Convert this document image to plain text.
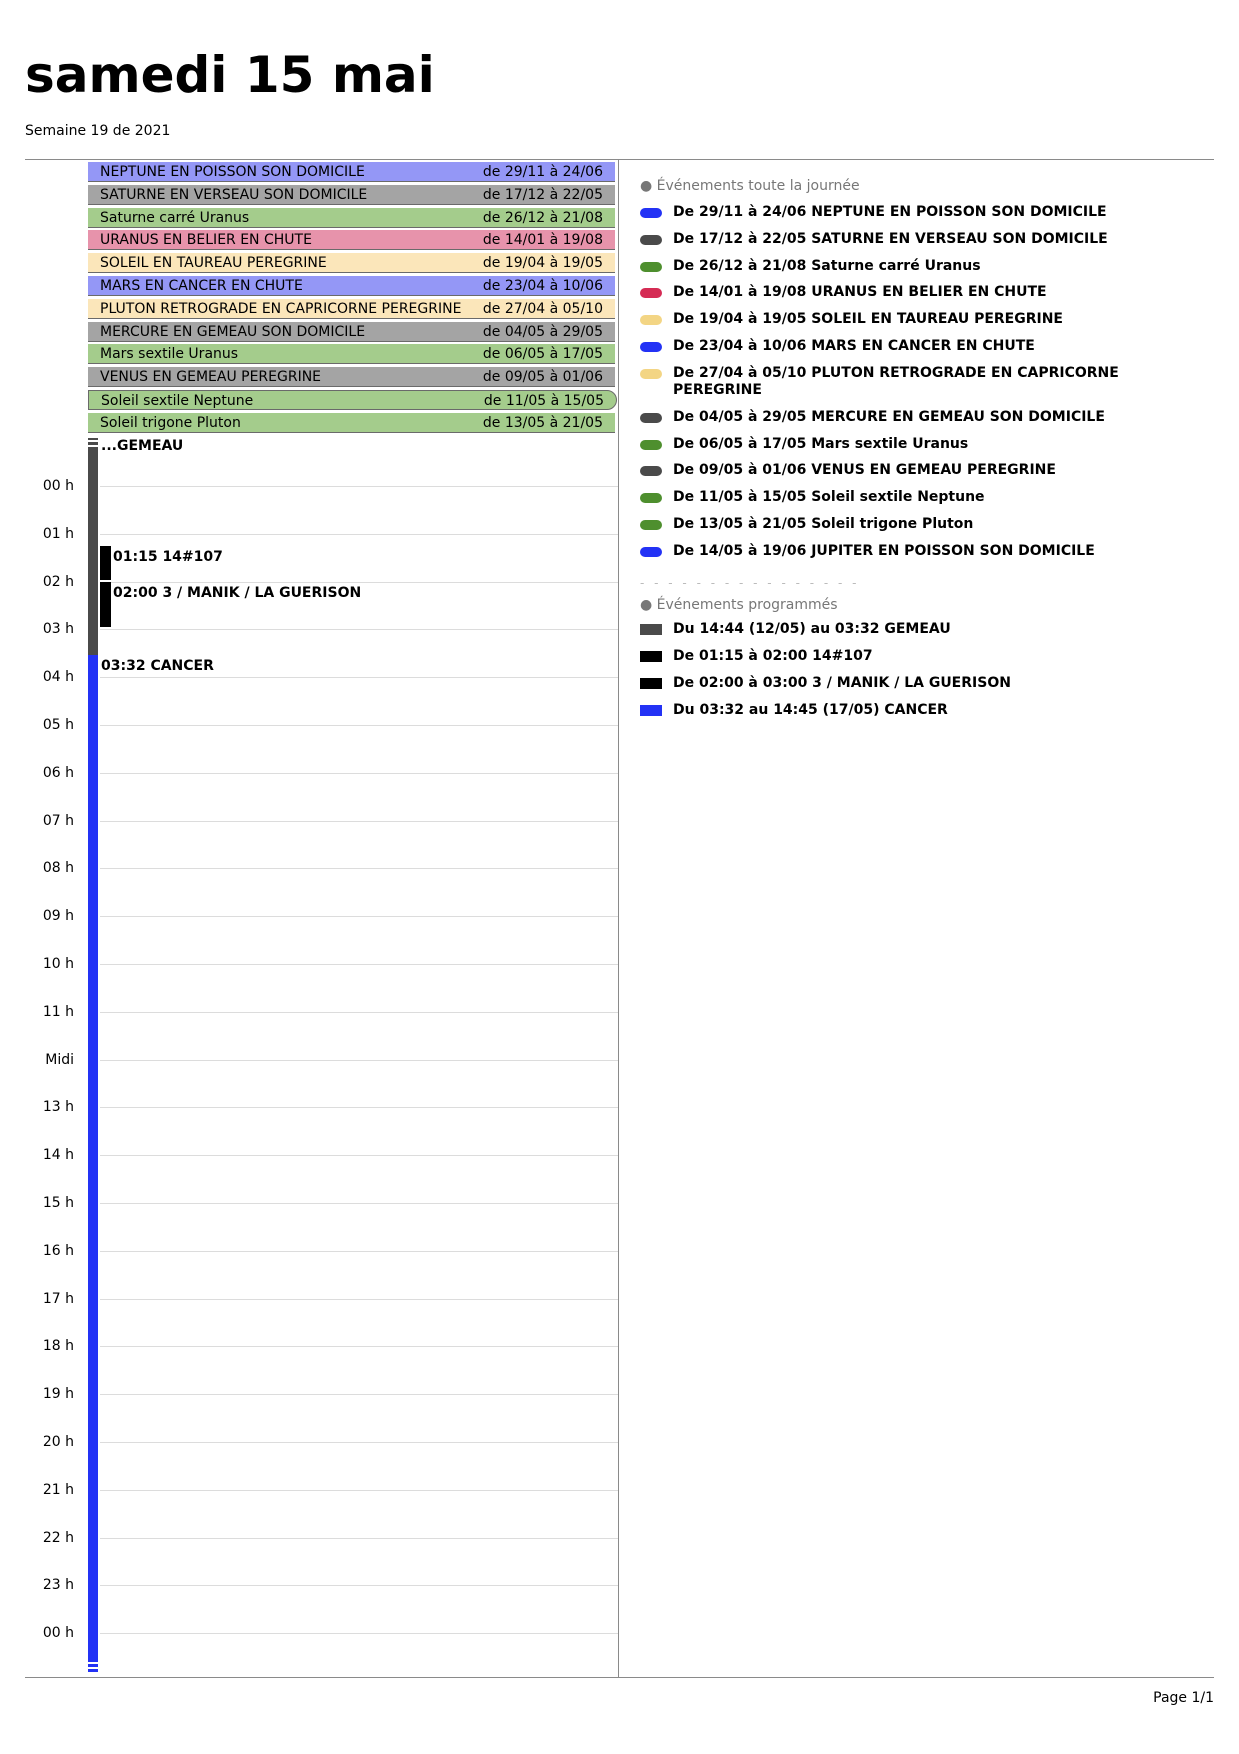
samedi 15 mai
Semaine 19 de 2021
NEPTUNE EN POISSON SON DOMICILE	de 29/11 à 24/06
SATURNE EN VERSEAU SON DOMICILE	de 17/12 à 22/05
Saturne carré Uranus	de 26/12 à 21/08
URANUS EN BELIER EN CHUTE	de 14/01 à 19/08
SOLEIL EN TAUREAU PEREGRINE	de 19/04 à 19/05
MARS EN CANCER EN CHUTE	de 23/04 à 10/06
PLUTON RETROGRADE EN CAPRICORNE PEREGRINE de 27/04 à 05/10
MERCURE EN GEMEAU SON DOMICILE	de 04/05 à 29/05
Mars sextile Uranus	de 06/05 à 17/05
VENUS EN GEMEAU PEREGRINE	de 09/05 à 01/06
Soleil sextile Neptune	de 11/05 à 15/05
Soleil trigone Pluton	de 13/05 à 21/05
00 h
01 h
02 h
03 h
04 h
05 h
06 h
07 h
08 h
09 h
10 h
11 h
Midi
13 h
14 h
15 h
16 h
17 h
18 h
19 h
20 h
21 h
22 h
23 h
00 h
...GEMEAU
01:15 14#107
02:00 3 / MANIK / LA GUERISON
03:32 CANCER
● Événements toute la journée
De 29/11 à 24/06 NEPTUNE EN POISSON SON DOMICILE
De 17/12 à 22/05 SATURNE EN VERSEAU SON DOMICILE
De 26/12 à 21/08 Saturne carré Uranus
De 14/01 à 19/08 URANUS EN BELIER EN CHUTE
De 19/04 à 19/05 SOLEIL EN TAUREAU PEREGRINE
De 23/04 à 10/06 MARS EN CANCER EN CHUTE
De 27/04 à 05/10 PLUTON RETROGRADE EN CAPRICORNE PEREGRINE
De 04/05 à 29/05 MERCURE EN GEMEAU SON DOMICILE
De 06/05 à 17/05 Mars sextile Uranus
De 09/05 à 01/06 VENUS EN GEMEAU PEREGRINE
De 11/05 à 15/05 Soleil sextile Neptune
De 13/05 à 21/05 Soleil trigone Pluton
De 14/05 à 19/06 JUPITER EN POISSON SON DOMICILE
- - - - - - - - - - - - - - - -
● Événements programmés
Du 14:44 (12/05) au 03:32 GEMEAU
De 01:15 à 02:00 14#107
De 02:00 à 03:00 3 / MANIK / LA GUERISON
Du 03:32 au 14:45 (17/05) CANCER
Page 1/1
